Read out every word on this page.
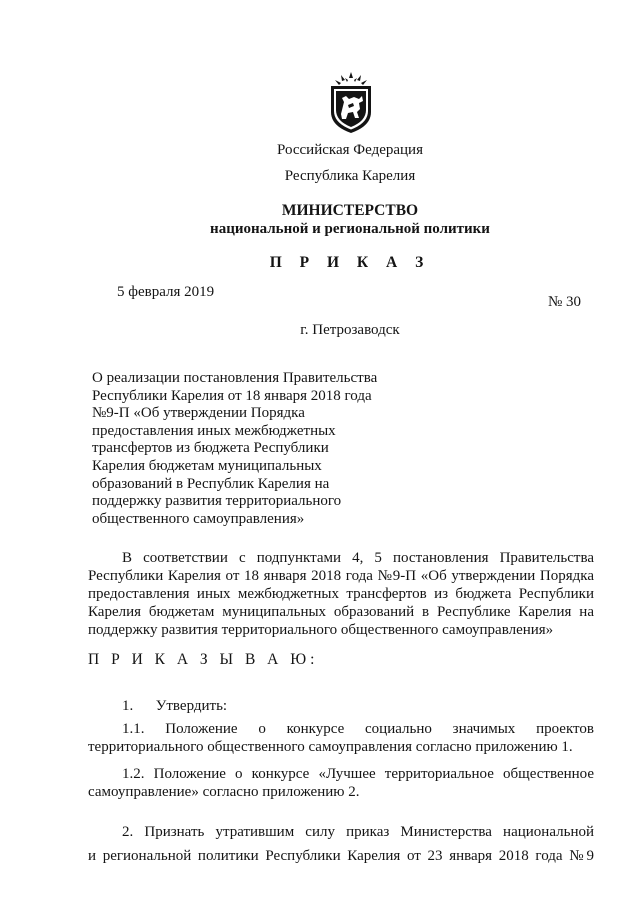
Российская Федерация
Республика Карелия
МИНИСТЕРСТВО
национальной и региональной политики
П Р И К А З
5 февраля 2019
№ 30
г. Петрозаводск
О реализации постановления Правительства
Республики Карелия от 18 января 2018 года
№9-П «Об утверждении Порядка
предоставления иных межбюджетных
трансфертов из бюджета Республики
Карелия бюджетам муниципальных
образований в Республик Карелия на
поддержку развития территориального
общественного самоуправления»
В соответствии с подпунктами 4, 5 постановления Правительства
Республики Карелия от 18 января 2018 года №9-П «Об утверждении Порядка
предоставления иных межбюджетных трансфертов из бюджета Республики
Карелия бюджетам муниципальных образований в Республике Карелия на
поддержку развития территориального общественного самоуправления»
П Р И К А З Ы В А Ю:
1.      Утвердить:
1.1. Положение о конкурсе социально значимых проектов
территориального общественного самоуправления согласно приложению 1.
1.2. Положение о конкурсе «Лучшее территориальное общественное
самоуправление» согласно приложению 2.
2. Признать утратившим силу приказ Министерства национальной
и региональной политики Республики Карелия от 23 января 2018 года №9
